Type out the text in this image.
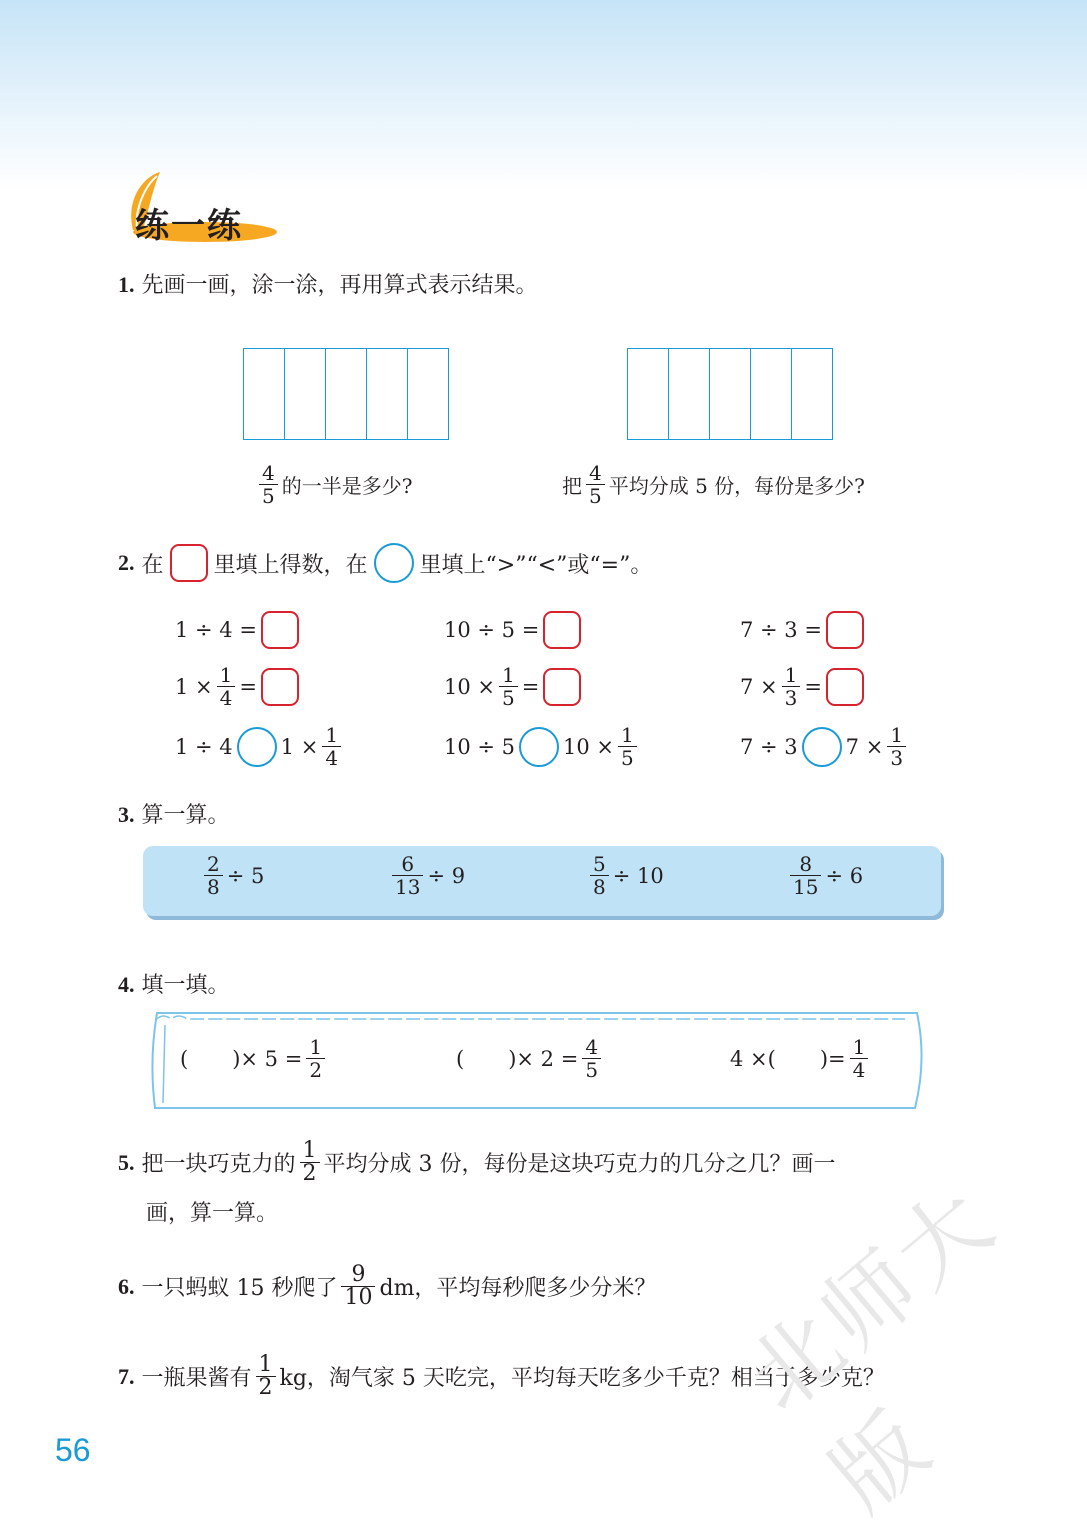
练一练
1. 先画一画，涂一涂，再用算式表示结果。
$\frac{4}{5}$ 的一半是多少?	把 $\frac{4}{5}$ 平均分成 5 份，每份是多少?
2.
在 里填上得数，在 里填上“>”“<”或“=”。
1 ÷ 4 =	10 ÷ 5 =	7 ÷ 3 =
$1 \times \frac{1}{4}$ =	$10 \times \frac{1}{5}$ =	$7 \times \frac{1}{3}$ =
1 ÷ 4 $1 \times \frac{1}{4}$	10 ÷ 5 $10 \times \frac{1}{5}$	7 ÷ 3 $7 \times \frac{1}{3}$
3. 算一算。
$\frac{2}{8} \div 5$	$\frac{6}{13} \div 9$	$\frac{5}{8} \div 10$	$\frac{8}{15} \div 6$
4. 填一填。
( )× $5 = \frac{1}{2}$	( )× $2 = \frac{4}{5}$	4 ×( )= $\frac{1}{4}$
5.
把一块巧克力的 $\frac{1}{2}$ 平均分成 3 份，每份是这块巧克力的几分之几？画一
画，算一算。
6.
一只蚂蚁 15 秒爬了 $\frac{9}{10}$ dm，平均每秒爬多少分米？
7.
一瓶果酱有 $\frac{1}{2}$ kg，淘气家 5 天吃完，平均每天吃多少千克？相当于多少克？
北师大版
56
